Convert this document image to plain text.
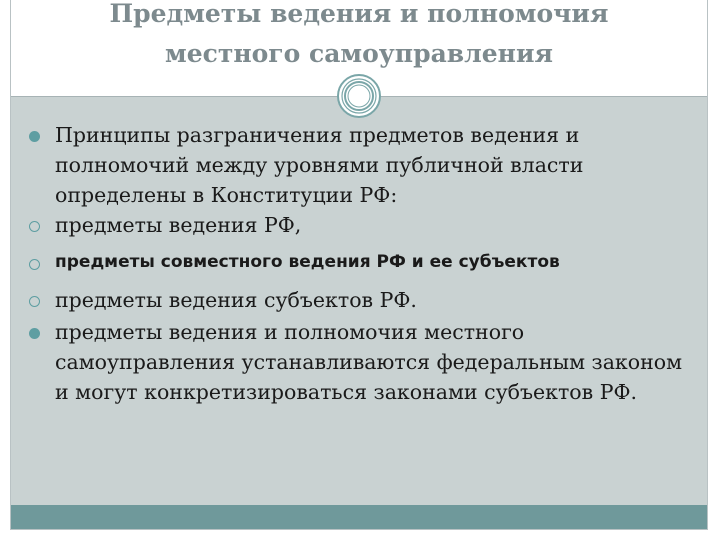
Предметы ведения и полномочия
местного самоуправления
Принципы разграничения предметов ведения и полномочий между уровнями публичной власти определены в Конституции РФ:
предметы ведения РФ,
предметы совместного ведения РФ и ее субъектов
предметы ведения субъектов РФ.
предметы ведения и полномочия местного самоуправления устанавливаются федеральным законом и могут конкретизироваться законами субъектов РФ.
